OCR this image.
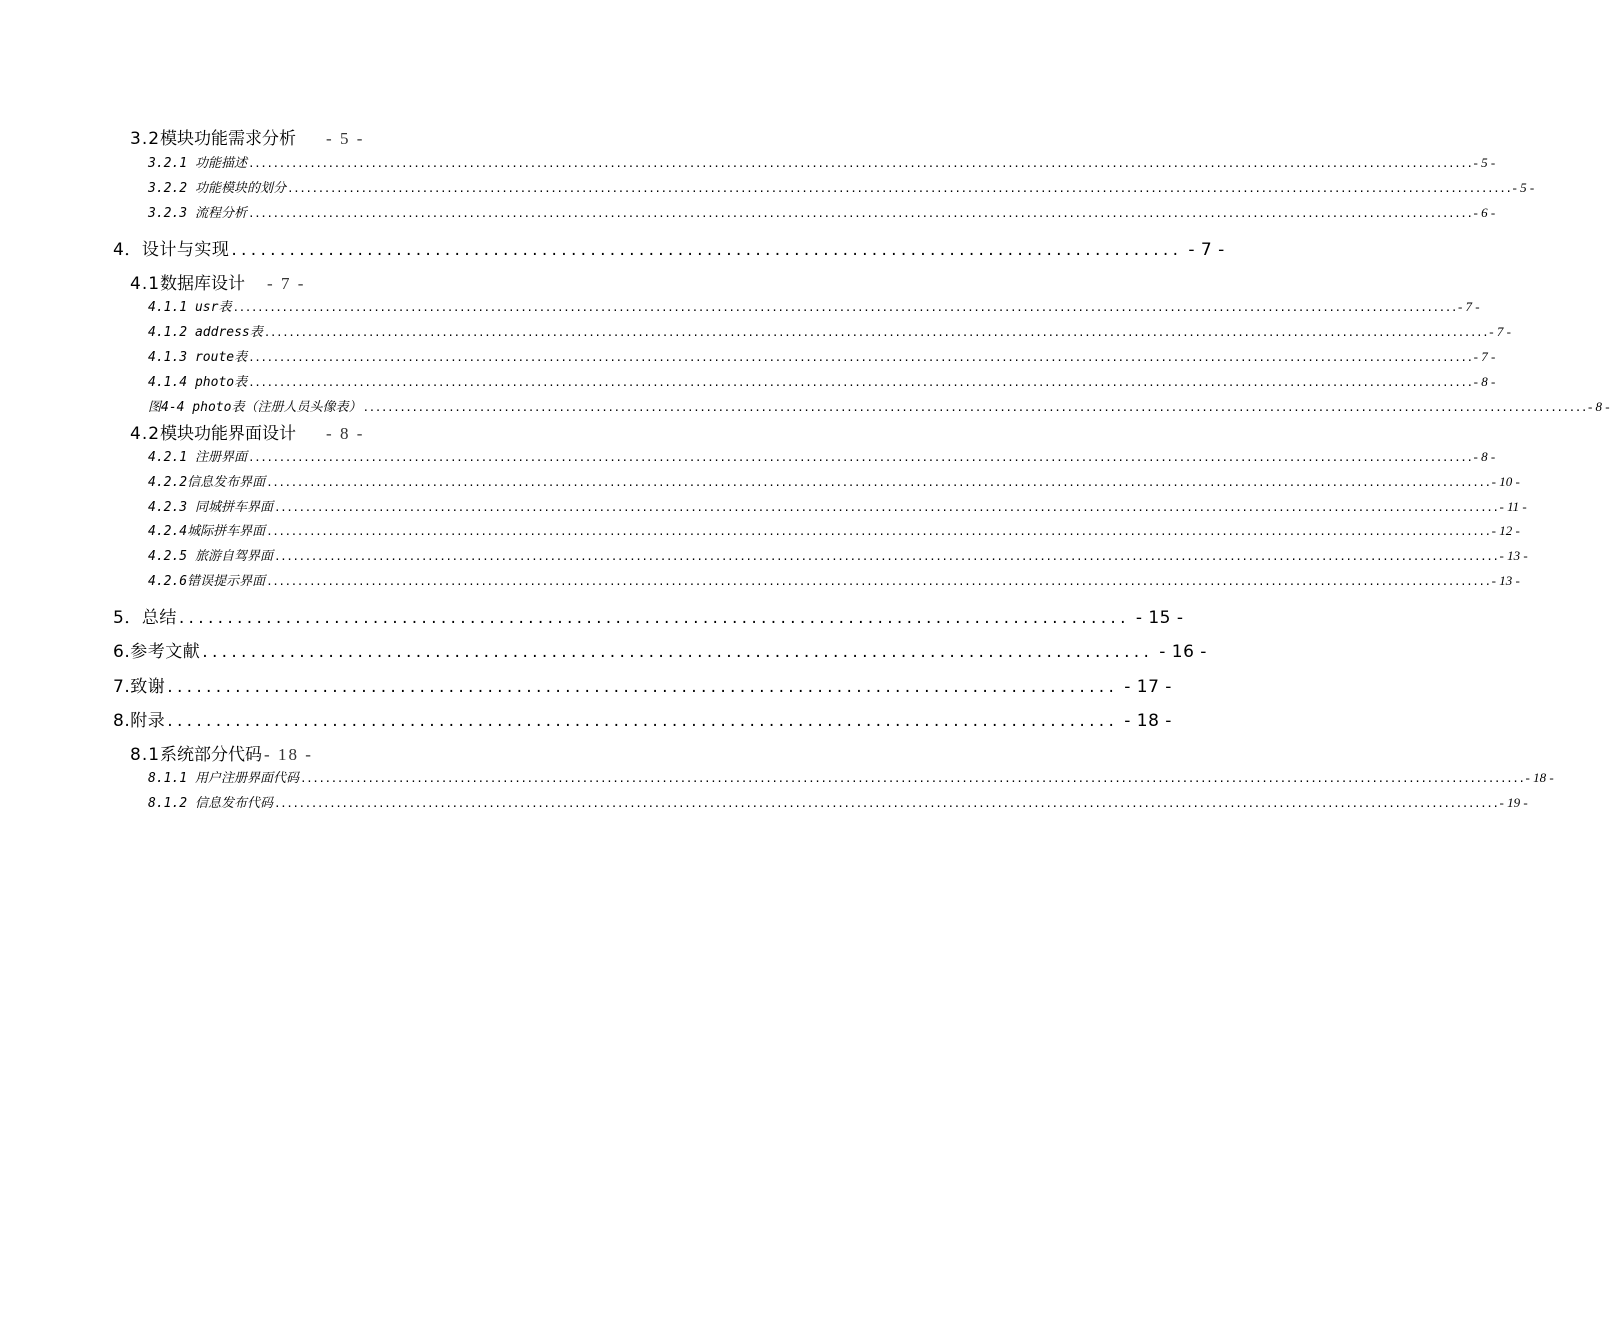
3.2 模块功能需求分析 - 5 -
3.2.1 功能描述 ........................................................................................................................................................................................................ - 5 -
3.2.2 功能模块的划分 ........................................................................................................................................................................................................ - 5 -
3.2.3 流程分析 ........................................................................................................................................................................................................ - 6 -
4．设计与实现 .................................................................................................. - 7 -
4.1 数据库设计 - 7 -
4.1.1 usr表 ........................................................................................................................................................................................................ - 7 -
4.1.2 address表 ........................................................................................................................................................................................................ - 7 -
4.1.3 route表 ........................................................................................................................................................................................................ - 7 -
4.1.4 photo表 ........................................................................................................................................................................................................ - 8 -
图4-4 photo表（注册人员头像表） ........................................................................................................................................................................................................ - 8 -
4.2 模块功能界面设计 - 8 -
4.2.1 注册界面 ........................................................................................................................................................................................................ - 8 -
4.2.2信息发布界面 ........................................................................................................................................................................................................ - 10 -
4.2.3 同城拼车界面 ........................................................................................................................................................................................................ - 11 -
4.2.4城际拼车界面 ........................................................................................................................................................................................................ - 12 -
4.2.5 旅游自驾界面 ........................................................................................................................................................................................................ - 13 -
4.2.6错误提示界面 ........................................................................................................................................................................................................ - 13 -
5．总结 .................................................................................................. - 15 -
6.参考文献 .................................................................................................. - 16 -
7.致谢 .................................................................................................. - 17 -
8.附录 .................................................................................................. - 18 -
8.1 系统部分代码 - 18 -
8.1.1 用户注册界面代码 ........................................................................................................................................................................................................ - 18 -
8.1.2 信息发布代码 ........................................................................................................................................................................................................ - 19 -
